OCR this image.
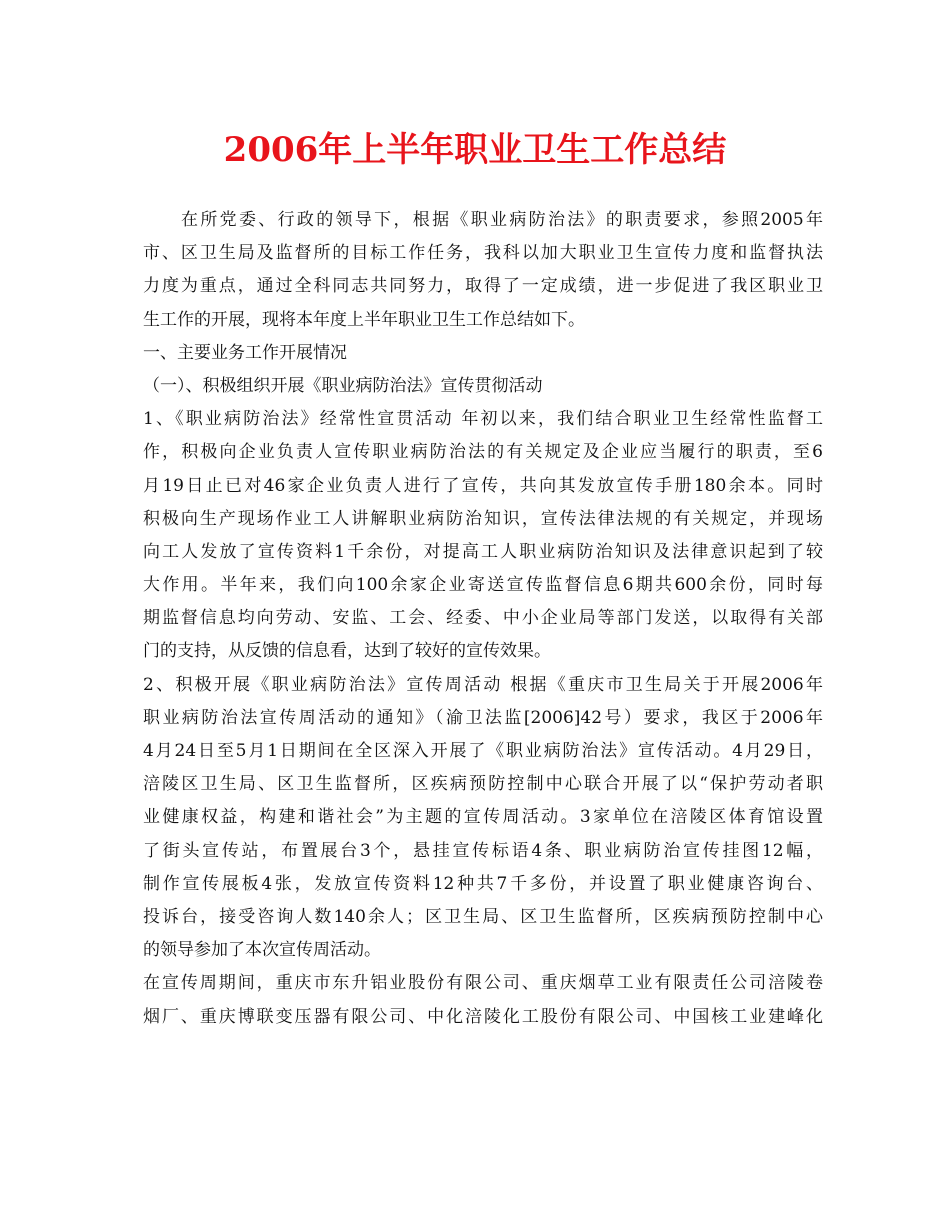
2006年上半年职业卫生工作总结
在所党委、行政的领导下，根据《职业病防治法》的职责要求，参照2005年
市、区卫生局及监督所的目标工作任务，我科以加大职业卫生宣传力度和监督执法
力度为重点，通过全科同志共同努力，取得了一定成绩，进一步促进了我区职业卫
生工作的开展，现将本年度上半年职业卫生工作总结如下。
一、主要业务工作开展情况
（一）、积极组织开展《职业病防治法》宣传贯彻活动
1、《职业病防治法》经常性宣贯活动 年初以来，我们结合职业卫生经常性监督工
作，积极向企业负责人宣传职业病防治法的有关规定及企业应当履行的职责，至6
月19日止已对46家企业负责人进行了宣传，共向其发放宣传手册180余本。同时
积极向生产现场作业工人讲解职业病防治知识，宣传法律法规的有关规定，并现场
向工人发放了宣传资料1千余份，对提高工人职业病防治知识及法律意识起到了较
大作用。半年来，我们向100余家企业寄送宣传监督信息6期共600余份，同时每
期监督信息均向劳动、安监、工会、经委、中小企业局等部门发送，以取得有关部
门的支持，从反馈的信息看，达到了较好的宣传效果。
2、积极开展《职业病防治法》宣传周活动 根据《重庆市卫生局关于开展2006年
职业病防治法宣传周活动的通知》（渝卫法监[2006]42号）要求，我区于2006年
4月24日至5月1日期间在全区深入开展了《职业病防治法》宣传活动。4月29日，
涪陵区卫生局、区卫生监督所，区疾病预防控制中心联合开展了以“保护劳动者职
业健康权益，构建和谐社会”为主题的宣传周活动。3家单位在涪陵区体育馆设置
了街头宣传站，布置展台3个，悬挂宣传标语4条、职业病防治宣传挂图12幅，
制作宣传展板4张，发放宣传资料12种共7千多份，并设置了职业健康咨询台、
投诉台，接受咨询人数140余人；区卫生局、区卫生监督所，区疾病预防控制中心
的领导参加了本次宣传周活动。
在宣传周期间，重庆市东升铝业股份有限公司、重庆烟草工业有限责任公司涪陵卷
烟厂、重庆博联变压器有限公司、中化涪陵化工股份有限公司、中国核工业建峰化
